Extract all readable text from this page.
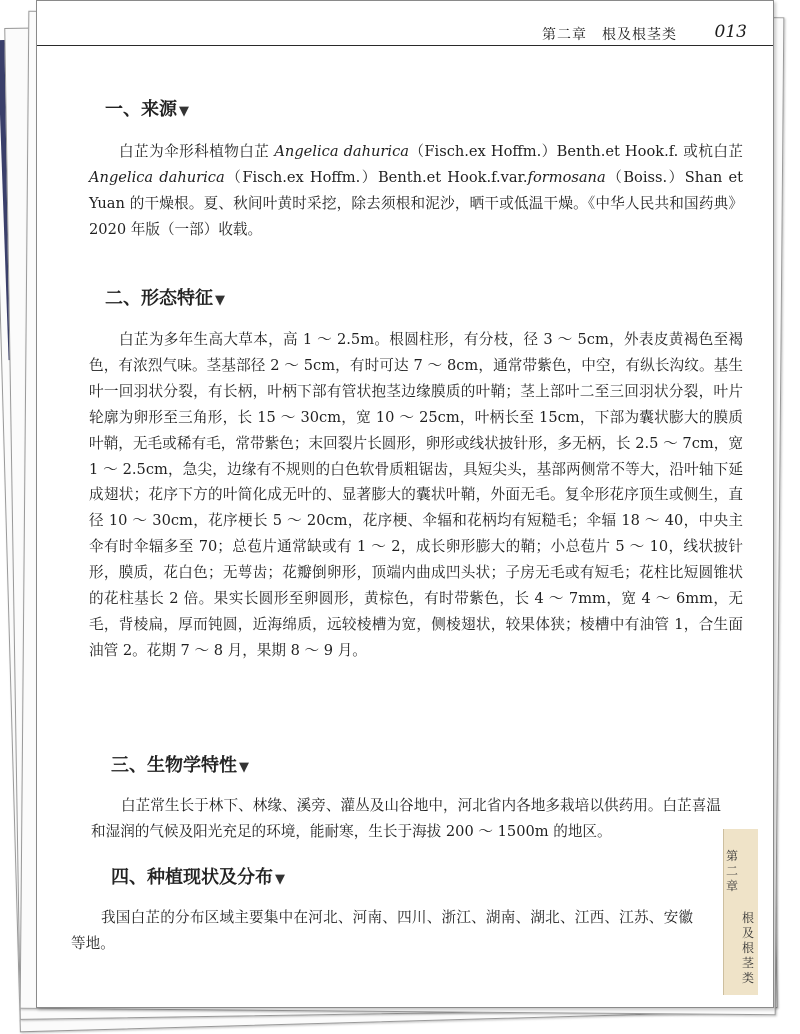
第二章　根及根茎类 013
一、来源 ▼

白芷为伞形科植物白芷 Angelica dahurica（Fisch.ex Hoffm.）Benth.et Hook.f. 或杭白芷 Angelica dahurica（Fisch.ex Hoffm.）Benth.et Hook.f.var.formosana（Boiss.）Shan et Yuan 的干燥根。夏、秋间叶黄时采挖，除去须根和泥沙，晒干或低温干燥。《中华人民共和国药典》2020 年版（一部）收载。

二、形态特征 ▼

白芷为多年生高大草本，高 1 ～ 2.5m。根圆柱形，有分枝，径 3 ～ 5cm，外表皮黄褐色至褐色，有浓烈气味。茎基部径 2 ～ 5cm，有时可达 7 ～ 8cm，通常带紫色，中空，有纵长沟纹。基生叶一回羽状分裂，有长柄，叶柄下部有管状抱茎边缘膜质的叶鞘；茎上部叶二至三回羽状分裂，叶片轮廓为卵形至三角形，长 15 ～ 30cm，宽 10 ～ 25cm，叶柄长至 15cm，下部为囊状膨大的膜质叶鞘，无毛或稀有毛，常带紫色；末回裂片长圆形，卵形或线状披针形，多无柄，长 2.5 ～ 7cm，宽 1 ～ 2.5cm，急尖，边缘有不规则的白色软骨质粗锯齿，具短尖头，基部两侧常不等大，沿叶轴下延成翅状；花序下方的叶简化成无叶的、显著膨大的囊状叶鞘，外面无毛。复伞形花序顶生或侧生，直径 10 ～ 30cm，花序梗长 5 ～ 20cm，花序梗、伞辐和花柄均有短糙毛；伞辐 18 ～ 40，中央主伞有时伞辐多至 70；总苞片通常缺或有 1 ～ 2，成长卵形膨大的鞘；小总苞片 5 ～ 10，线状披针形，膜质，花白色；无萼齿；花瓣倒卵形，顶端内曲成凹头状；子房无毛或有短毛；花柱比短圆锥状的花柱基长 2 倍。果实长圆形至卵圆形，黄棕色，有时带紫色，长 4 ～ 7mm，宽 4 ～ 6mm，无毛，背棱扁，厚而钝圆，近海绵质，远较棱槽为宽，侧棱翅状，较果体狭；棱槽中有油管 1，合生面油管 2。花期 7 ～ 8 月，果期 8 ～ 9 月。

三、生物学特性 ▼

白芷常生长于林下、林缘、溪旁、灌丛及山谷地中，河北省内各地多栽培以供药用。白芷喜温和湿润的气候及阳光充足的环境，能耐寒，生长于海拔 200 ～ 1500m 的地区。

四、种植现状及分布 ▼

我国白芷的分布区域主要集中在河北、河南、四川、浙江、湖南、湖北、江西、江苏、安徽等地。

第
二
章
根
及
根
茎
类
